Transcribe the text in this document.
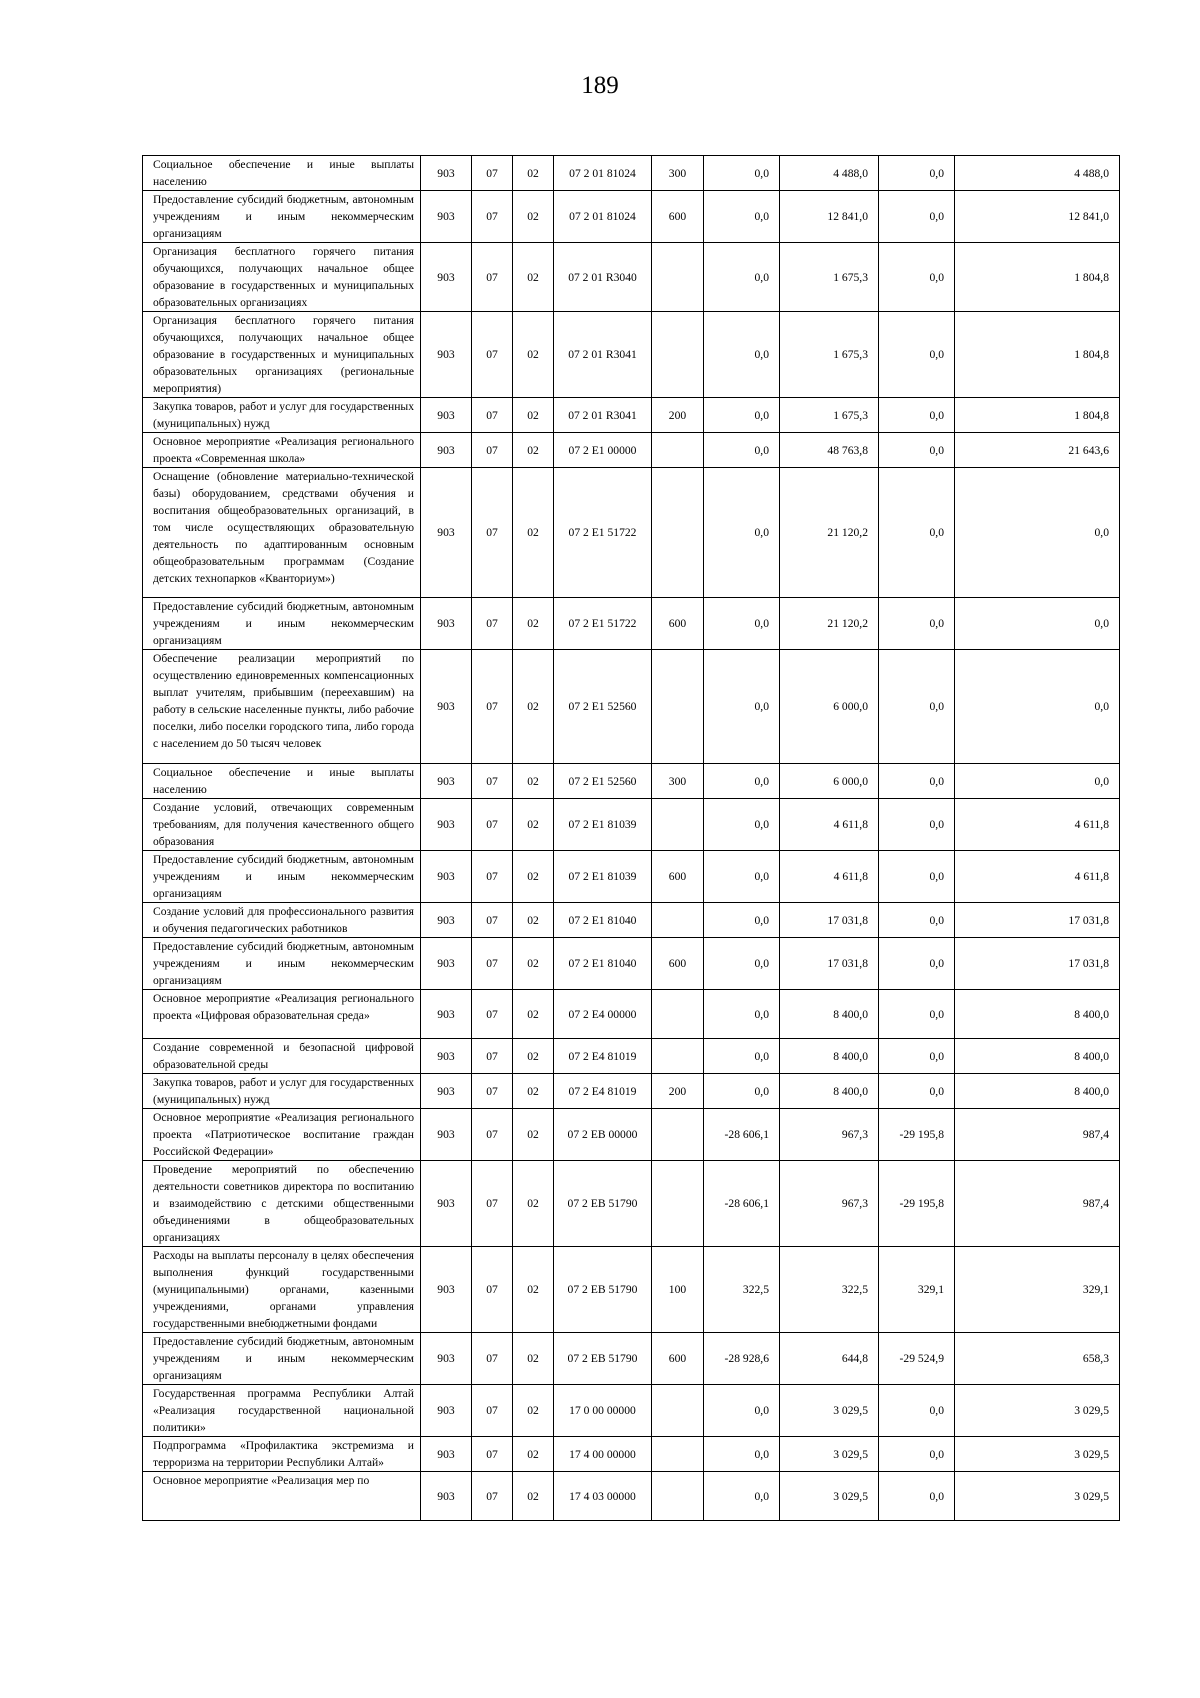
189
Социальное обеспечение и иные выплаты населению	903	07	02	07 2 01 81024	300	0,0	4 488,0	0,0	4 488,0
Предоставление субсидий бюджетным, автономным учреждениям и иным некоммерческим организациям	903	07	02	07 2 01 81024	600	0,0	12 841,0	0,0	12 841,0
Организация бесплатного горячего питания обучающихся, получающих начальное общее образование в государственных и муниципальных образовательных организациях	903	07	02	07 2 01 R3040		0,0	1 675,3	0,0	1 804,8
Организация бесплатного горячего питания обучающихся, получающих начальное общее образование в государственных и муниципальных образовательных организациях (региональные мероприятия)	903	07	02	07 2 01 R3041		0,0	1 675,3	0,0	1 804,8
Закупка товаров, работ и услуг для государственных (муниципальных) нужд	903	07	02	07 2 01 R3041	200	0,0	1 675,3	0,0	1 804,8
Основное мероприятие «Реализация регионального проекта «Современная школа»	903	07	02	07 2 E1 00000		0,0	48 763,8	0,0	21 643,6
Оснащение (обновление материально-технической базы) оборудованием, средствами обучения и воспитания общеобразовательных организаций, в том числе осуществляющих образовательную деятельность по адаптированным основным общеобразовательным программам (Создание детских технопарков «Кванториум»)	903	07	02	07 2 E1 51722		0,0	21 120,2	0,0	0,0
Предоставление субсидий бюджетным, автономным учреждениям и иным некоммерческим организациям	903	07	02	07 2 E1 51722	600	0,0	21 120,2	0,0	0,0
Обеспечение реализации мероприятий по осуществлению единовременных компенсационных выплат учителям, прибывшим (переехавшим) на работу в сельские населенные пункты, либо рабочие поселки, либо поселки городского типа, либо города с населением до 50 тысяч человек	903	07	02	07 2 E1 52560		0,0	6 000,0	0,0	0,0
Социальное обеспечение и иные выплаты населению	903	07	02	07 2 E1 52560	300	0,0	6 000,0	0,0	0,0
Создание условий, отвечающих современным требованиям, для получения качественного общего образования	903	07	02	07 2 E1 81039		0,0	4 611,8	0,0	4 611,8
Предоставление субсидий бюджетным, автономным учреждениям и иным некоммерческим организациям	903	07	02	07 2 E1 81039	600	0,0	4 611,8	0,0	4 611,8
Создание условий для профессионального развития и обучения педагогических работников	903	07	02	07 2 E1 81040		0,0	17 031,8	0,0	17 031,8
Предоставление субсидий бюджетным, автономным учреждениям и иным некоммерческим организациям	903	07	02	07 2 E1 81040	600	0,0	17 031,8	0,0	17 031,8
Основное мероприятие «Реализация регионального проекта «Цифровая образовательная среда»	903	07	02	07 2 E4 00000		0,0	8 400,0	0,0	8 400,0
Создание современной и безопасной цифровой образовательной среды	903	07	02	07 2 E4 81019		0,0	8 400,0	0,0	8 400,0
Закупка товаров, работ и услуг для государственных (муниципальных) нужд	903	07	02	07 2 E4 81019	200	0,0	8 400,0	0,0	8 400,0
Основное мероприятие «Реализация регионального проекта «Патриотическое воспитание граждан Российской Федерации»	903	07	02	07 2 EB 00000		-28 606,1	967,3	-29 195,8	987,4
Проведение мероприятий по обеспечению деятельности советников директора по воспитанию и взаимодействию с детскими общественными объединениями в общеобразовательных организациях	903	07	02	07 2 EB 51790		-28 606,1	967,3	-29 195,8	987,4
Расходы на выплаты персоналу в целях обеспечения выполнения функций государственными (муниципальными) органами, казенными учреждениями, органами управления государственными внебюджетными фондами	903	07	02	07 2 EB 51790	100	322,5	322,5	329,1	329,1
Предоставление субсидий бюджетным, автономным учреждениям и иным некоммерческим организациям	903	07	02	07 2 EB 51790	600	-28 928,6	644,8	-29 524,9	658,3
Государственная программа Республики Алтай «Реализация государственной национальной политики»	903	07	02	17 0 00 00000		0,0	3 029,5	0,0	3 029,5
Подпрограмма «Профилактика экстремизма и терроризма на территории Республики Алтай»	903	07	02	17 4 00 00000		0,0	3 029,5	0,0	3 029,5
Основное мероприятие «Реализация мер по	903	07	02	17 4 03 00000		0,0	3 029,5	0,0	3 029,5
